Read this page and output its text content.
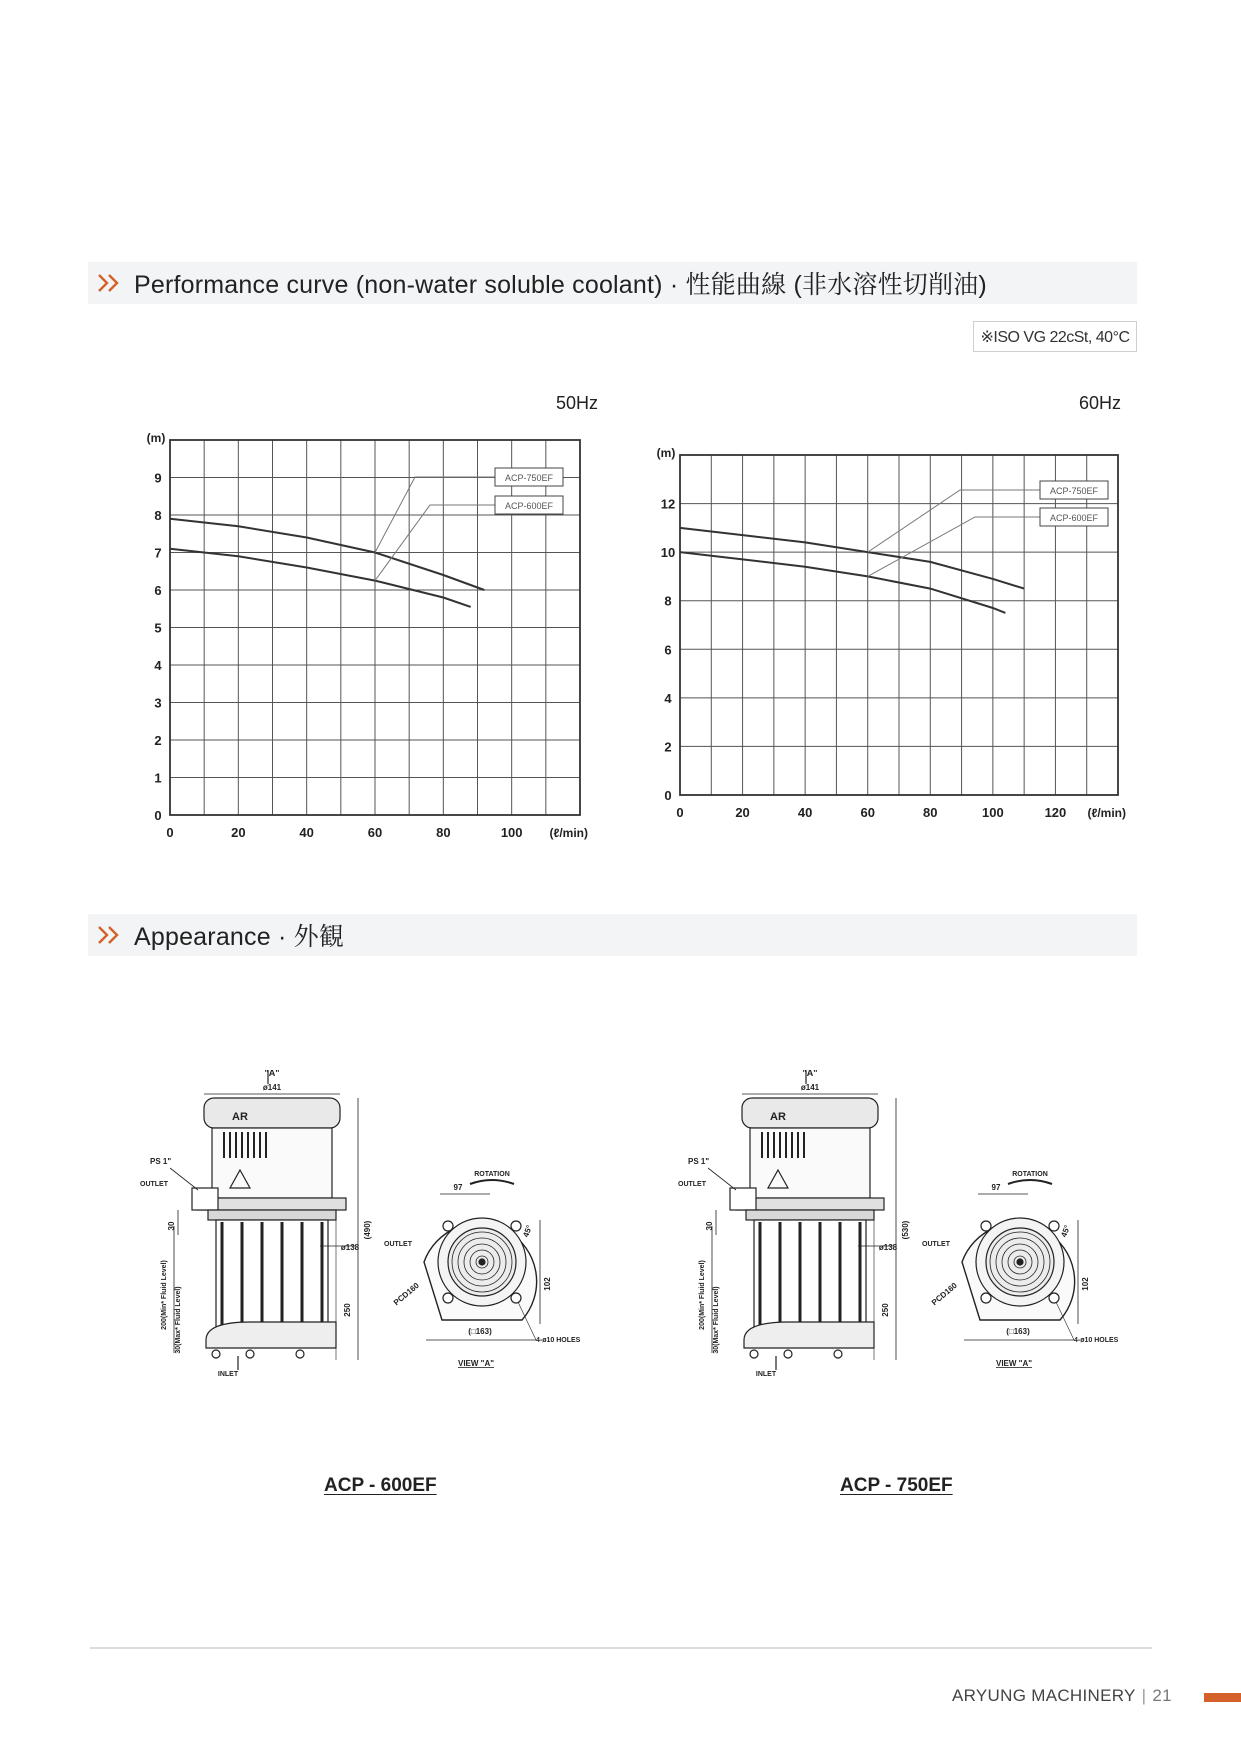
Performance curve (non-water soluble coolant) · 性能曲線 (非水溶性切削油)
※ISO VG 22cSt, 40°C
50Hz	60Hz
0	20	40	60	80	100
0
1
2
3
4
5
6
7
8
9
(m)
(ℓ/min)
ACP-750EF
ACP-600EF
0	20	40	60	80	100	120
0
2
4
6
8
10
12
(m)
(ℓ/min)
ACP-750EF
ACP-600EF
Appearance · 外観
"A"
ø141
AR
PS 1"
OUTLET
INLET
30
200(Min* Fluid Level) 30(Max* Fluid Level)
ø138
(490)
250
ROTATION
97
OUTLET
45°
PCD160	102
(□163)
4-ø10 HOLES
VIEW "A"
"A"
ø141
AR
PS 1"
OUTLET
INLET
30
200(Min* Fluid Level) 30(Max* Fluid Level)
ø138
(530)
250
ROTATION
97
OUTLET
45°
PCD160	102
(□163)
4-ø10 HOLES
VIEW "A"
ACP - 600EF	ACP - 750EF
ARYUNG MACHINERY | 21
